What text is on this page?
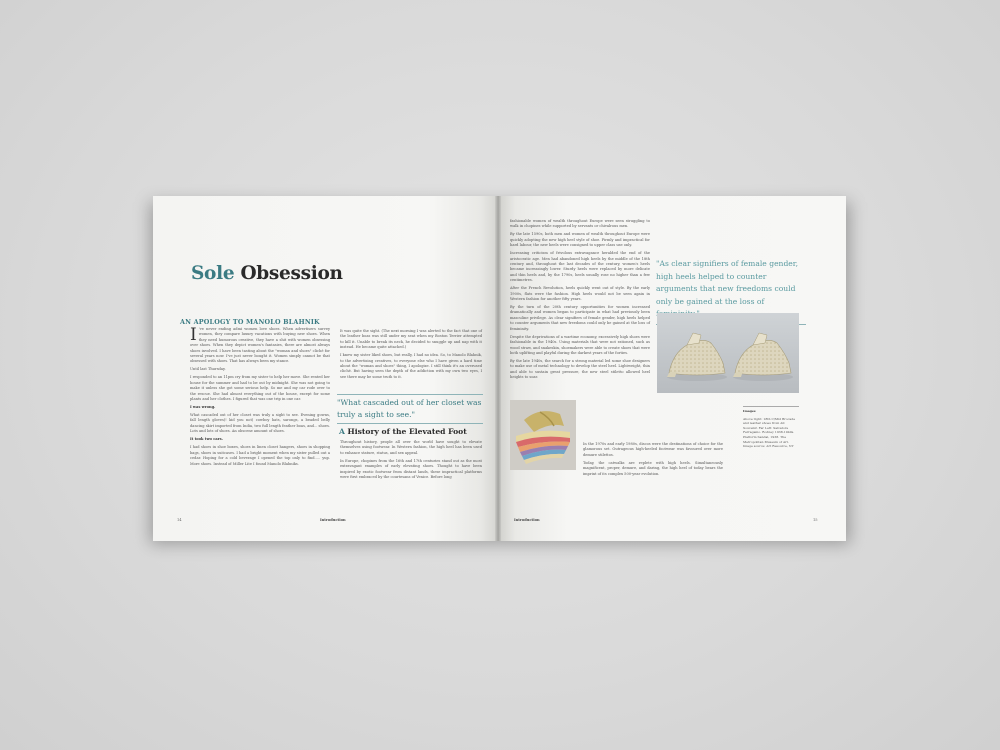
Sole Obsession
AN APOLOGY TO MANOLO BLAHNIK

I 've never ending admi women love shoes. When advertisers survey women, they compare luxury vacations with buying new shoes. When they need humorous creative, they have a shit with women obsessing over shoes. When they depict women's fantasies, there are almost always shoes involved. I have been tasting about the "woman and shoes" cliché for several years now. I've just never bought it. Women simply cannot be that obsessed with shoes. That has always been my stance.

Until last Thursday.

I responded to an 11pm cry from my sister to help her move. She rented her house for the summer and had to be out by midnight. She was not going to make it unless she got some serious help. So me and my car rode over to the rescue. She had almost everything out of the house, except for some plants and her clothes. I figured that was one trip in one car.

I was wrong.

What cascaded out of her closet was truly a sight to see. Evening gowns, fall length gloves(! kid you not) cowboy hats, sarongs, a beaded belly dancing skirt imported from India, two full length feather boas, and... shoes. Lots and lots of shoes. An obscene amount of shoes.

It took two cars.

I had shoes in shoe boxes, shoes in linen closet hangers, shoes in shopping bags, shoes in suitcases. I had a bright moment when my sister pulled out a cedar. Hoping for a cold beverage I opened the top only to find..... yup. More shoes. Instead of Miller Lite I found Manolo Blahniks.

It was quite the sight. (The next morning I was alerted to the fact that one of the leather boas was still under my seat when my Boston Terrier attempted to kill it. Unable to break its neck, he decided to snuggle up and nap with it instead. He became quite attached.)

I knew my sister liked shoes, but really, I had no idea. So, to Manolo Blahnik, to the advertising creatives, to everyone else who I have given a hard time about the "woman and shoes" thing, I apologize. I still think it's an overused cliché. But having seen the depth of the addiction with my own two eyes, I see there may be some truth to it.

"What cascaded out of her closet was truly a sight to see."
A History of the Elevated Foot

Throughout history, people all over the world have sought to elevate themselves using footwear. In Western fashion, the high heel has been used to enhance stature, status, and sex appeal.

In Europe, chopines from the 16th and 17th centuries stand out as the most extravagant examples of early elevating shoes. Thought to have been inspired by exotic footwear from distant lands, these impractical platforms were first embraced by the courtesans of Venice. Before long

14	Introduction

fashionable women of wealth throughout Europe were seen struggling to walk in chopines while supported by servants or chivalrous men.

By the late 1590s, both men and women of wealth throughout Europe were quickly adopting the new high heel style of shoe. Firmly and impractical for hard labour, the new heels were consigned to upper class use only.

Increasing criticism of frivolous extravagance heralded the end of the aristocratic age. Men had abandoned high heels by the middle of the 18th century and, throughout the last decades of the century, women's heels became increasingly lower. Sturdy heels were replaced by more delicate and thin heels and, by the 1790s, heels usually rose no higher than a few centimetres.

After the French Revolution, heels quickly went out of style. By the early 1900s, flats were the fashion. High heels would not be seen again in Western fashion for another fifty years.

By the turn of the 20th century opportunities for women increased dramatically and women began to participate in what had previously been masculine privilege. As clear signifiers of female gender, high heels helped to counter arguments that new freedoms could only be gained at the loss of femininity.

Despite the deprivations of a wartime economy, excessively high shoes were fashionable in the 1940s. Using materials that were not rationed, such as wood straw, and snakeskin, shoemakers were able to create shoes that were both uplifting and playful during the darkest years of the forties.

By the late 1940s, the search for a strong material led some shoe designers to make use of metal technology to develop the steel heel. Lightweight, thin and able to sustain great pressure, the new steel stiletto allowed heel heights to soar.

In the 1970s and early 1980s, discos were the destinations of choice for the glamorous set. Outrageous high-heeled footwear was favoured over more demure stilettos.

Today, the catwalks are replete with high heels. Simultaneously magnificent, proper, demure, and daring, the high heel of today bears the imprint of its complex 500-year evolution.

"As clear signifiers of female gender, high heels helped to counter arguments that new freedoms could only be gained at the loss of
Images
Above right: 18th C/Mid Brocade and leather shoes from All Souvenir. Far Left: Salvatore Ferragamo. Rodney 1938-1940s. Platform Sandal, 1938. The Metropolitan Museum of Art. Image source: Art Resource, NY
Introduction	15
